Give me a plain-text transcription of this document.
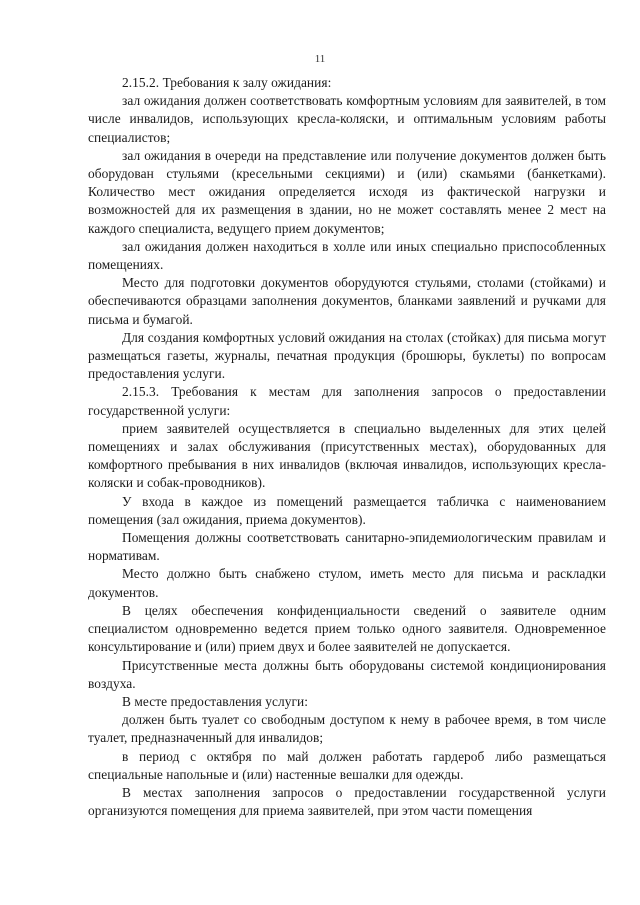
11

2.15.2. Требования к залу ожидания:

зал ожидания должен соответствовать комфортным условиям для заявителей, в том числе инвалидов, использующих кресла-коляски, и оптимальным условиям работы специалистов;

зал ожидания в очереди на представление или получение документов должен быть оборудован стульями (кресельными секциями) и (или) скамьями (банкетками). Количество мест ожидания определяется исходя из фактической нагрузки и возможностей для их размещения в здании, но не может составлять менее 2 мест на каждого специалиста, ведущего прием документов;

зал ожидания должен находиться в холле или иных специально приспособленных помещениях.

Место для подготовки документов оборудуются стульями, столами (стойками) и обеспечиваются образцами заполнения документов, бланками заявлений и ручками для письма и бумагой.

Для создания комфортных условий ожидания на столах (стойках) для письма могут размещаться газеты, журналы, печатная продукция (брошюры, буклеты) по вопросам предоставления услуги.

2.15.3. Требования к местам для заполнения запросов о предоставлении государственной услуги:

прием заявителей осуществляется в специально выделенных для этих целей помещениях и залах обслуживания (присутственных местах), оборудованных для комфортного пребывания в них инвалидов (включая инвалидов, использующих кресла-коляски и собак-проводников).

У входа в каждое из помещений размещается табличка с наименованием помещения (зал ожидания, приема документов).

Помещения должны соответствовать санитарно-эпидемиологическим правилам и нормативам.

Место должно быть снабжено стулом, иметь место для письма и раскладки документов.

В целях обеспечения конфиденциальности сведений о заявителе одним специалистом одновременно ведется прием только одного заявителя. Одновременное консультирование и (или) прием двух и более заявителей не допускается.

Присутственные места должны быть оборудованы системой кондиционирования воздуха.

В месте предоставления услуги:

должен быть туалет со свободным доступом к нему в рабочее время, в том числе туалет, предназначенный для инвалидов;

в период с октября по май должен работать гардероб либо размещаться специальные напольные и (или) настенные вешалки для одежды.

В местах заполнения запросов о предоставлении государственной услуги организуются помещения для приема заявителей, при этом части помещения
